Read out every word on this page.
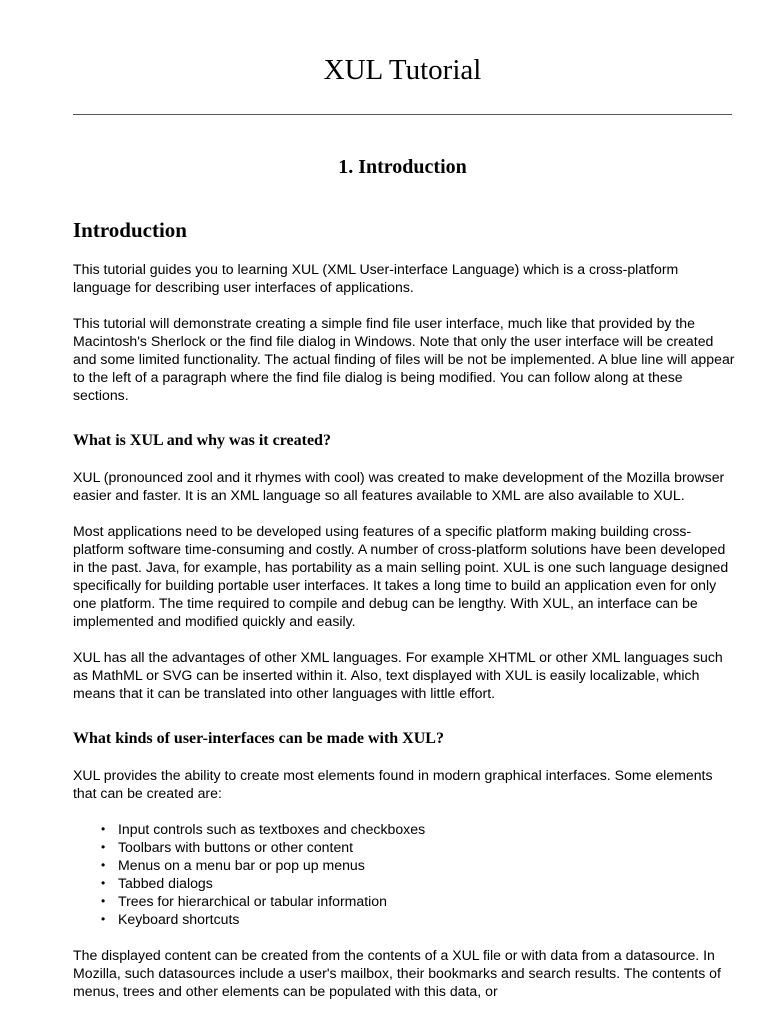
XUL Tutorial
1. Introduction
Introduction

This tutorial guides you to learning XUL (XML User-interface Language) which is a cross-platform language for describing user interfaces of applications.

This tutorial will demonstrate creating a simple find file user interface, much like that provided by the Macintosh's Sherlock or the find file dialog in Windows. Note that only the user interface will be created and some limited functionality. The actual finding of files will be not be implemented. A blue line will appear to the left of a paragraph where the find file dialog is being modified. You can follow along at these sections.

What is XUL and why was it created?

XUL (pronounced zool and it rhymes with cool) was created to make development of the Mozilla browser easier and faster. It is an XML language so all features available to XML are also available to XUL.

Most applications need to be developed using features of a specific platform making building cross-platform software time-consuming and costly. A number of cross-platform solutions have been developed in the past. Java, for example, has portability as a main selling point. XUL is one such language designed specifically for building portable user interfaces. It takes a long time to build an application even for only one platform. The time required to compile and debug can be lengthy. With XUL, an interface can be implemented and modified quickly and easily.

XUL has all the advantages of other XML languages. For example XHTML or other XML languages such as MathML or SVG can be inserted within it. Also, text displayed with XUL is easily localizable, which means that it can be translated into other languages with little effort.

What kinds of user-interfaces can be made with XUL?

XUL provides the ability to create most elements found in modern graphical interfaces. Some elements that can be created are:

• Input controls such as textboxes and checkboxes
• Toolbars with buttons or other content
• Menus on a menu bar or pop up menus
• Tabbed dialogs
• Trees for hierarchical or tabular information
• Keyboard shortcuts

The displayed content can be created from the contents of a XUL file or with data from a datasource. In Mozilla, such datasources include a user's mailbox, their bookmarks and search results. The contents of menus, trees and other elements can be populated with this data, or
